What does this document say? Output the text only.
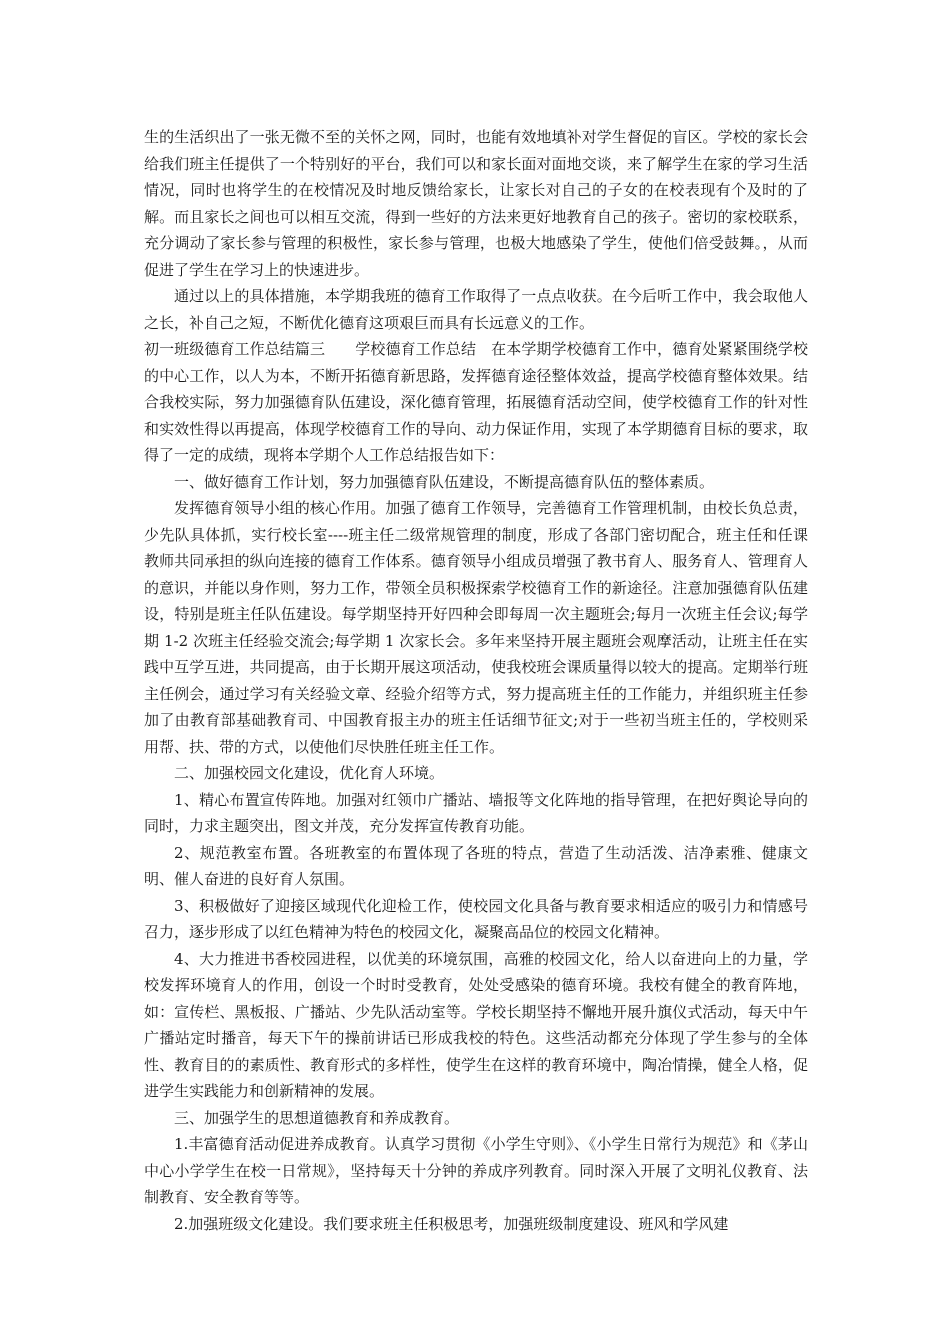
生的生活织出了一张无微不至的关怀之网，同时，也能有效地填补对学生督促的盲区。学校的家长会给我们班主任提供了一个特别好的平台，我们可以和家长面对面地交谈，来了解学生在家的学习生活情况，同时也将学生的在校情况及时地反馈给家长，让家长对自己的子女的在校表现有个及时的了解。而且家长之间也可以相互交流，得到一些好的方法来更好地教育自己的孩子。密切的家校联系，充分调动了家长参与管理的积极性，家长参与管理，也极大地感染了学生，使他们倍受鼓舞。，从而促进了学生在学习上的快速进步。

通过以上的具体措施，本学期我班的德育工作取得了一点点收获。在今后听工作中，我会取他人之长，补自己之短，不断优化德育这项艰巨而具有长远意义的工作。

初一班级德育工作总结篇三　　学校德育工作总结　在本学期学校德育工作中，德育处紧紧围绕学校的中心工作，以人为本，不断开拓德育新思路，发挥德育途径整体效益，提高学校德育整体效果。结合我校实际，努力加强德育队伍建设，深化德育管理，拓展德育活动空间，使学校德育工作的针对性和实效性得以再提高，体现学校德育工作的导向、动力保证作用，实现了本学期德育目标的要求，取得了一定的成绩，现将本学期个人工作总结报告如下：

一、做好德育工作计划，努力加强德育队伍建设，不断提高德育队伍的整体素质。

发挥德育领导小组的核心作用。加强了德育工作领导，完善德育工作管理机制，由校长负总责，少先队具体抓，实行校长室----班主任二级常规管理的制度，形成了各部门密切配合，班主任和任课教师共同承担的纵向连接的德育工作体系。德育领导小组成员增强了教书育人、服务育人、管理育人的意识，并能以身作则，努力工作，带领全员积极探索学校德育工作的新途径。注意加强德育队伍建设，特别是班主任队伍建设。每学期坚持开好四种会即每周一次主题班会;每月一次班主任会议;每学期 1-2 次班主任经验交流会;每学期 1 次家长会。多年来坚持开展主题班会观摩活动，让班主任在实践中互学互进，共同提高，由于长期开展这项活动，使我校班会课质量得以较大的提高。定期举行班主任例会，通过学习有关经验文章、经验介绍等方式，努力提高班主任的工作能力，并组织班主任参加了由教育部基础教育司、中国教育报主办的班主任话细节征文;对于一些初当班主任的，学校则采用帮、扶、带的方式，以使他们尽快胜任班主任工作。

二、加强校园文化建设，优化育人环境。

1、精心布置宣传阵地。加强对红领巾广播站、墙报等文化阵地的指导管理，在把好舆论导向的同时，力求主题突出，图文并茂，充分发挥宣传教育功能。

2、规范教室布置。各班教室的布置体现了各班的特点，营造了生动活泼、洁净素雅、健康文明、催人奋进的良好育人氛围。

3、积极做好了迎接区域现代化迎检工作，使校园文化具备与教育要求相适应的吸引力和情感号召力，逐步形成了以红色精神为特色的校园文化，凝聚高品位的校园文化精神。

4、大力推进书香校园进程，以优美的环境氛围，高雅的校园文化，给人以奋进向上的力量，学校发挥环境育人的作用，创设一个时时受教育，处处受感染的德育环境。我校有健全的教育阵地，如：宣传栏、黑板报、广播站、少先队活动室等。学校长期坚持不懈地开展升旗仪式活动，每天中午广播站定时播音，每天下午的操前讲话已形成我校的特色。这些活动都充分体现了学生参与的全体性、教育目的的素质性、教育形式的多样性，使学生在这样的教育环境中，陶冶情操，健全人格，促进学生实践能力和创新精神的发展。

三、加强学生的思想道德教育和养成教育。

1.丰富德育活动促进养成教育。认真学习贯彻《小学生守则》、《小学生日常行为规范》和《茅山中心小学学生在校一日常规》，坚持每天十分钟的养成序列教育。同时深入开展了文明礼仪教育、法制教育、安全教育等等。

2.加强班级文化建设。我们要求班主任积极思考，加强班级制度建设、班风和学风建
